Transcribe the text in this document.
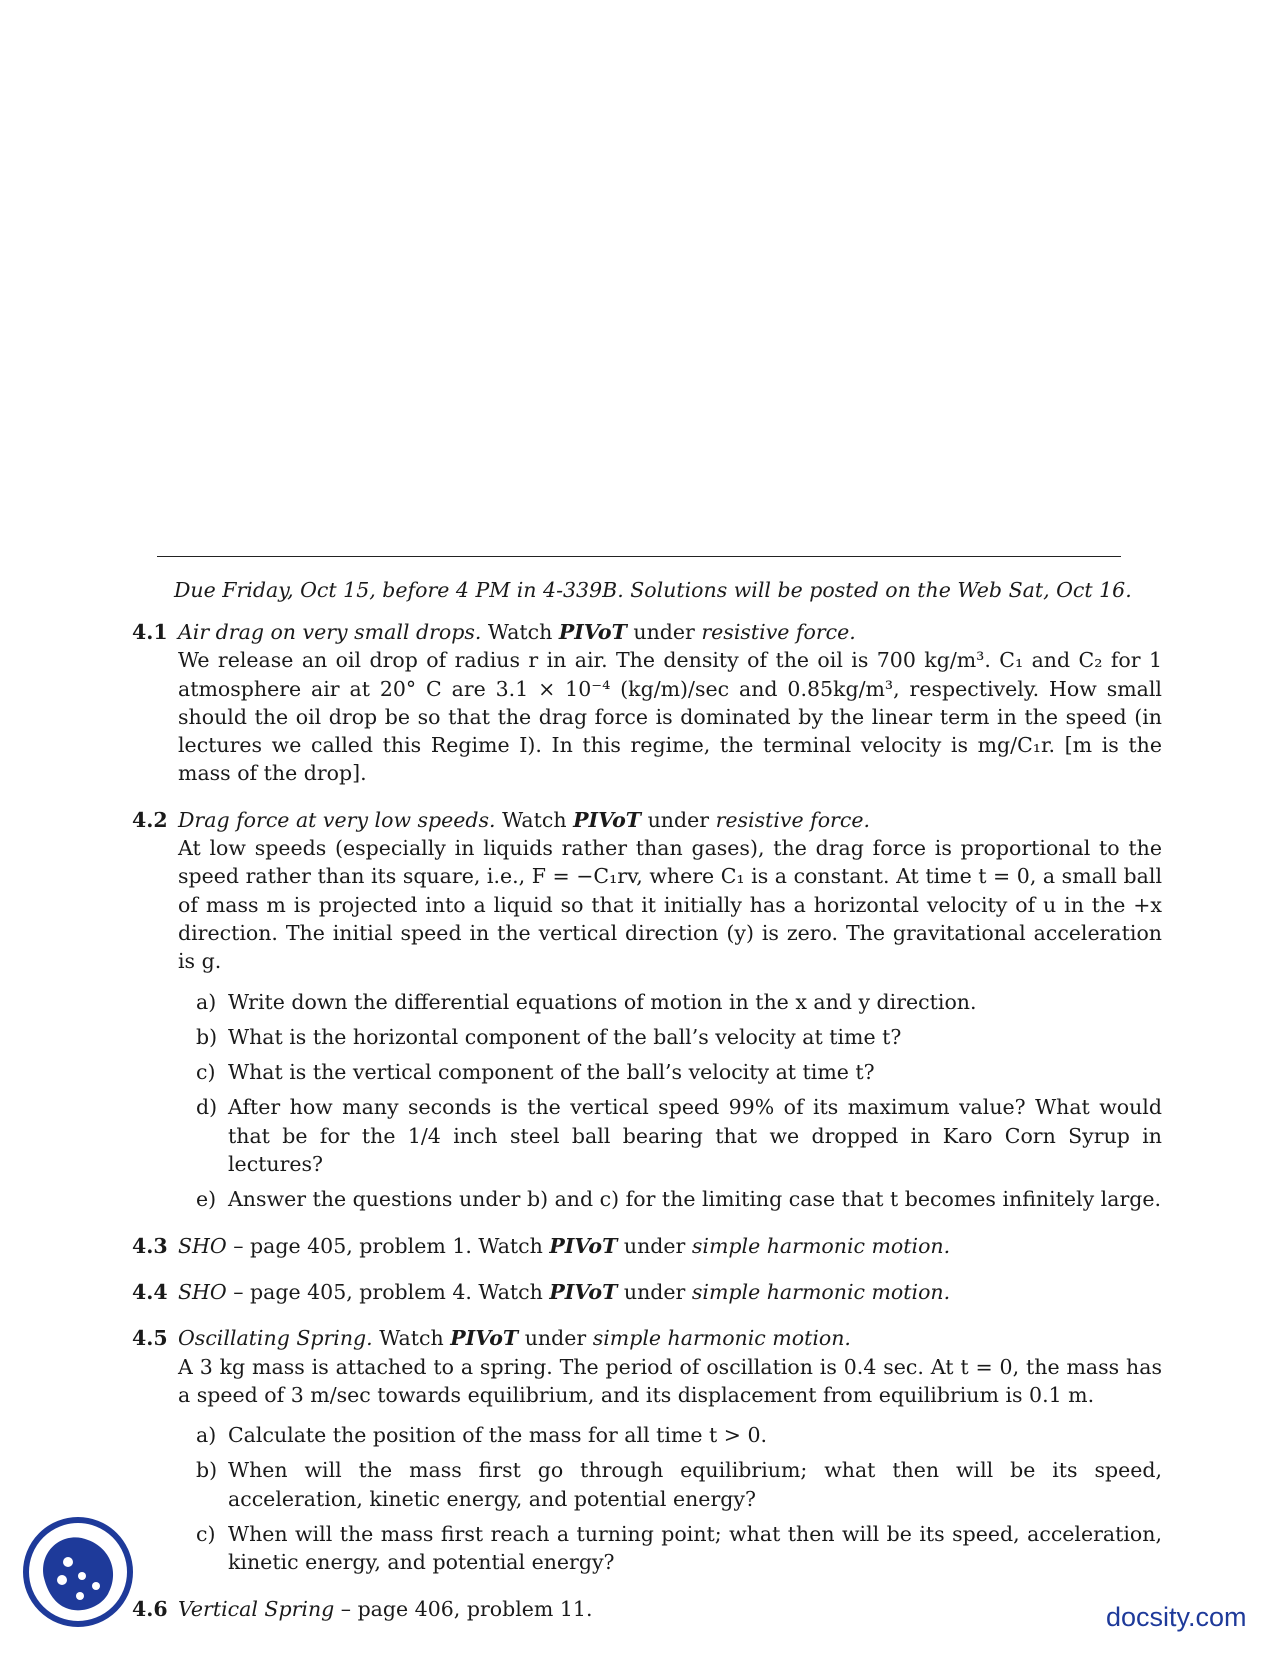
Due Friday, Oct 15, before 4 PM in 4-339B. Solutions will be posted on the Web Sat, Oct 16.
4.1 Air drag on very small drops. Watch PIVoT under resistive force.
We release an oil drop of radius r in air. The density of the oil is 700 kg/m³. C₁ and C₂ for 1 atmosphere air at 20° C are 3.1 × 10⁻⁴ (kg/m)/sec and 0.85kg/m³, respectively. How small should the oil drop be so that the drag force is dominated by the linear term in the speed (in lectures we called this Regime I). In this regime, the terminal velocity is mg/C₁r. [m is the mass of the drop].
4.2 Drag force at very low speeds. Watch PIVoT under resistive force.
At low speeds (especially in liquids rather than gases), the drag force is proportional to the speed rather than its square, i.e., F = −C₁rv, where C₁ is a constant. At time t = 0, a small ball of mass m is projected into a liquid so that it initially has a horizontal velocity of u in the +x direction. The initial speed in the vertical direction (y) is zero. The gravitational acceleration is g.
a) Write down the differential equations of motion in the x and y direction.
b) What is the horizontal component of the ball’s velocity at time t?
c) What is the vertical component of the ball’s velocity at time t?
d) After how many seconds is the vertical speed 99% of its maximum value? What would that be for the 1/4 inch steel ball bearing that we dropped in Karo Corn Syrup in lectures?
e) Answer the questions under b) and c) for the limiting case that t becomes infinitely large.
4.3 SHO – page 405, problem 1. Watch PIVoT under simple harmonic motion.
4.4 SHO – page 405, problem 4. Watch PIVoT under simple harmonic motion.
4.5 Oscillating Spring. Watch PIVoT under simple harmonic motion.
A 3 kg mass is attached to a spring. The period of oscillation is 0.4 sec. At t = 0, the mass has a speed of 3 m/sec towards equilibrium, and its displacement from equilibrium is 0.1 m.
a) Calculate the position of the mass for all time t > 0.
b) When will the mass first go through equilibrium; what then will be its speed, acceleration, kinetic energy, and potential energy?
c) When will the mass first reach a turning point; what then will be its speed, acceleration, kinetic energy, and potential energy?
4.6 Vertical Spring – page 406, problem 11.	docsity.com
